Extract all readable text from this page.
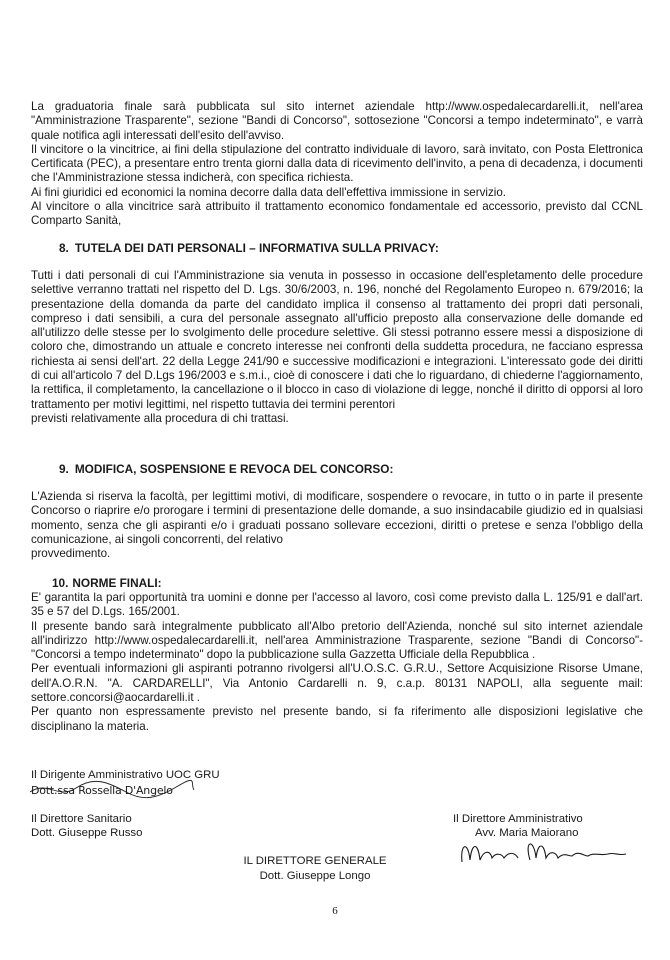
La graduatoria finale sarà pubblicata sul sito internet aziendale http://www.ospedalecardarelli.it, nell'area "Amministrazione Trasparente", sezione "Bandi di Concorso", sottosezione "Concorsi a tempo indeterminato", e varrà quale notifica agli interessati dell'esito dell'avviso.

Il vincitore o la vincitrice, ai fini della stipulazione del contratto individuale di lavoro, sarà invitato, con Posta Elettronica Certificata (PEC), a presentare entro trenta giorni dalla data di ricevimento dell'invito, a pena di decadenza, i documenti che l'Amministrazione stessa indicherà, con specifica richiesta.

Ai fini giuridici ed economici la nomina decorre dalla data dell'effettiva immissione in servizio.

Al vincitore o alla vincitrice sarà attribuito il trattamento economico fondamentale ed accessorio, previsto dal CCNL Comparto Sanità,

8. TUTELA DEI DATI PERSONALI – INFORMATIVA SULLA PRIVACY:

Tutti i dati personali di cui l'Amministrazione sia venuta in possesso in occasione dell'espletamento delle procedure selettive verranno trattati nel rispetto del D. Lgs. 30/6/2003, n. 196, nonché del Regolamento Europeo n. 679/2016; la presentazione della domanda da parte del candidato implica il consenso al trattamento dei propri dati personali, compreso i dati sensibili, a cura del personale assegnato all'ufficio preposto alla conservazione delle domande ed all'utilizzo delle stesse per lo svolgimento delle procedure selettive. Gli stessi potranno essere messi a disposizione di coloro che, dimostrando un attuale e concreto interesse nei confronti della suddetta procedura, ne facciano espressa richiesta ai sensi dell'art. 22 della Legge 241/90 e successive modificazioni e integrazioni. L'interessato gode dei diritti di cui all'articolo 7 del D.Lgs 196/2003 e s.m.i., cioè di conoscere i dati che lo riguardano, di chiederne l'aggiornamento, la rettifica, il completamento, la cancellazione o il blocco in caso di violazione di legge, nonché il diritto di opporsi al loro trattamento per motivi legittimi, nel rispetto tuttavia dei termini perentori

previsti relativamente alla procedura di chi trattasi.

9. MODIFICA, SOSPENSIONE E REVOCA DEL CONCORSO:

L'Azienda si riserva la facoltà, per legittimi motivi, di modificare, sospendere o revocare, in tutto o in parte il presente Concorso o riaprire e/o prorogare i termini di presentazione delle domande, a suo insindacabile giudizio ed in qualsiasi momento, senza che gli aspiranti e/o i graduati possano sollevare eccezioni, diritti o pretese e senza l'obbligo della comunicazione, ai singoli concorrenti, del relativo

provvedimento.

10. NORME FINALI:

E' garantita la pari opportunità tra uomini e donne per l'accesso al lavoro, così come previsto dalla L. 125/91 e dall'art. 35 e 57 del D.Lgs. 165/2001.

Il presente bando sarà integralmente pubblicato all'Albo pretorio dell'Azienda, nonché sul sito internet aziendale all'indirizzo http://www.ospedalecardarelli.it, nell'area Amministrazione Trasparente, sezione "Bandi di Concorso"- "Concorsi a tempo indeterminato" dopo la pubblicazione sulla Gazzetta Ufficiale della Repubblica .

Per eventuali informazioni gli aspiranti potranno rivolgersi all'U.O.S.C. G.R.U., Settore Acquisizione Risorse Umane, dell'A.O.R.N. "A. CARDARELLI", Via Antonio Cardarelli n. 9, c.a.p. 80131 NAPOLI, alla seguente mail: settore.concorsi@aocardarelli.it .

Per quanto non espressamente previsto nel presente bando, si fa riferimento alle disposizioni legislative che disciplinano la materia.

Il Dirigente Amministrativo UOC GRU
Dott.ssa Rossella D'Angelo
Il Direttore Sanitario
Dott. Giuseppe Russo
Il Direttore Amministrativo
Avv. Maria Maiorano
IL DIRETTORE GENERALE
Dott. Giuseppe Longo
6
